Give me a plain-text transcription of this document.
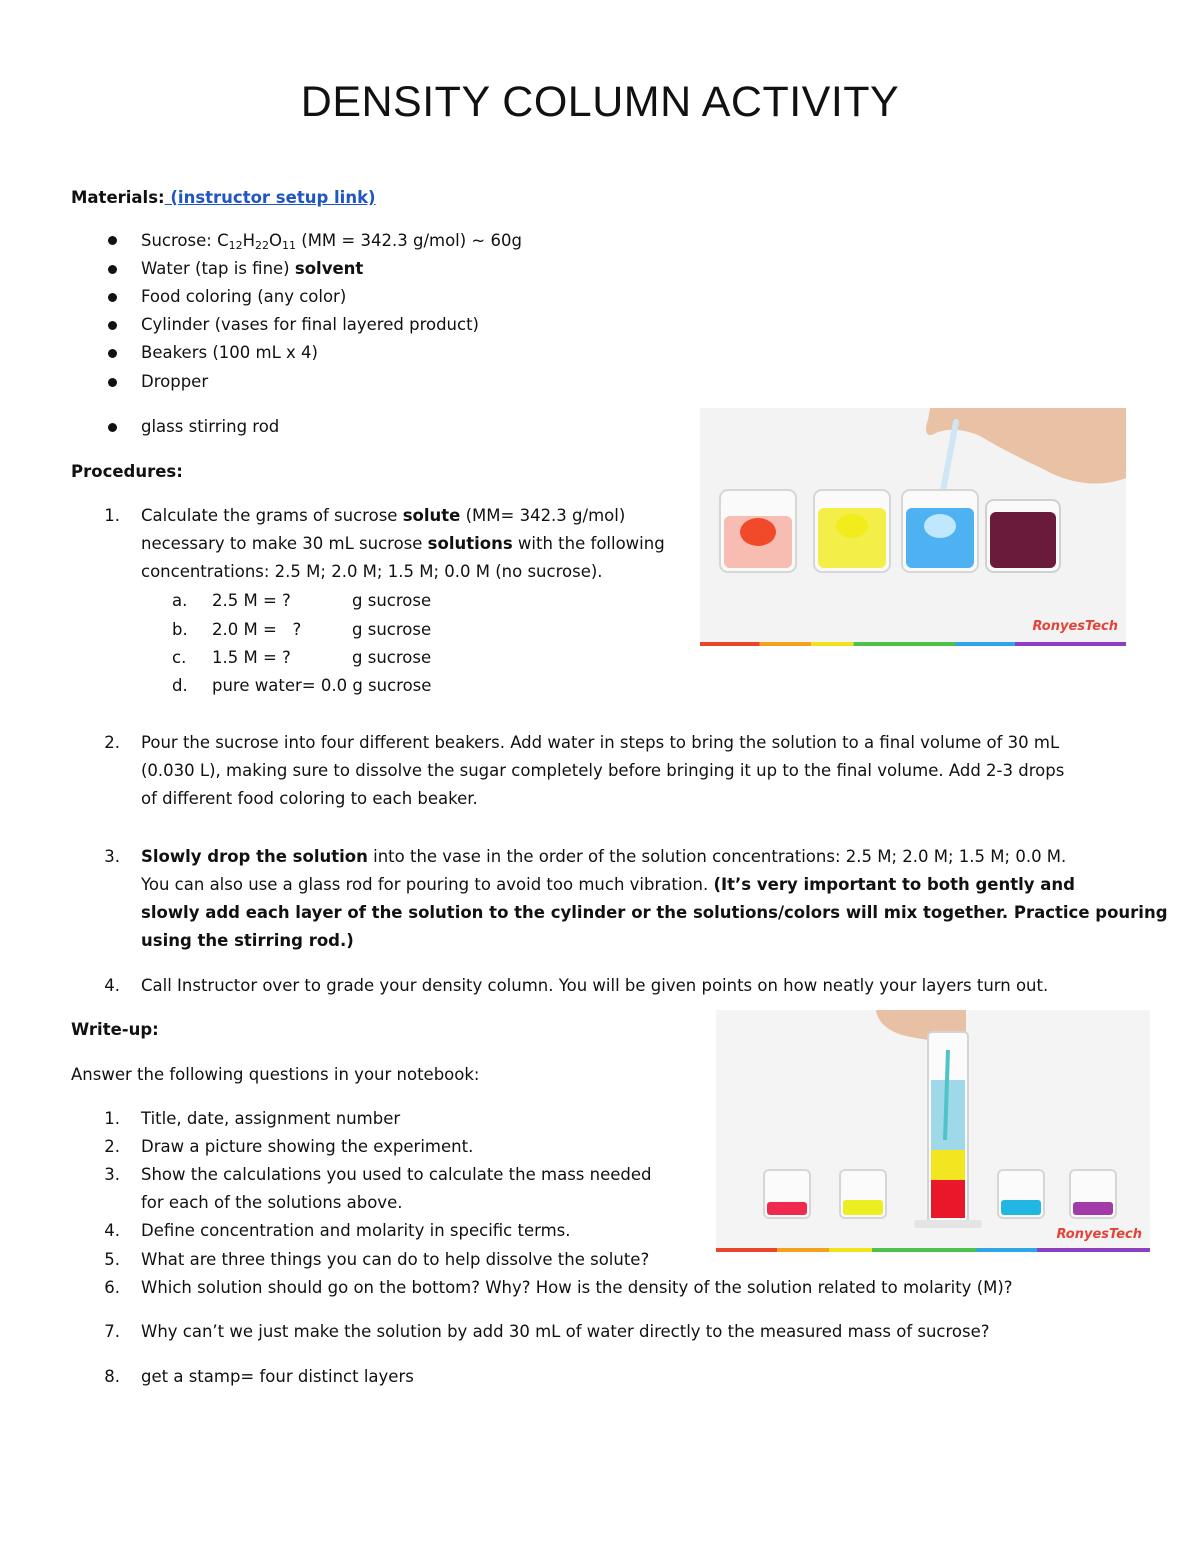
DENSITY COLUMN ACTIVITY
Materials: (instructor setup link)
Sucrose: $C_{12}H_{22}O_{11}$ (MM = 342.3 g/mol) ~ 60g
Water (tap is fine) solvent
Food coloring (any color)
Cylinder (vases for final layered product)
Beakers (100 mL x 4)
Dropper
glass stirring rod
Procedures:
1. Calculate the grams of sucrose solute (MM= 342.3 g/mol)
necessary to make 30 mL sucrose solutions with the following
concentrations: 2.5 M; 2.0 M; 1.5 M; 0.0 M (no sucrose).
a. 2.5 M = ?	g sucrose
b. 2.0 M =   ?	g sucrose
c. 1.5 M = ?	g sucrose
d. pure water= 0.0 g sucrose
2. Pour the sucrose into four different beakers. Add water in steps to bring the solution to a final volume of 30 mL
(0.030 L), making sure to dissolve the sugar completely before bringing it up to the final volume. Add 2-3 drops
of different food coloring to each beaker.
3. Slowly drop the solution into the vase in the order of the solution concentrations: 2.5 M; 2.0 M; 1.5 M; 0.0 M.
You can also use a glass rod for pouring to avoid too much vibration. (It’s very important to both gently and
slowly add each layer of the solution to the cylinder or the solutions/colors will mix together. Practice pouring
using the stirring rod.)
4. Call Instructor over to grade your density column. You will be given points on how neatly your layers turn out.
Write-up:
Answer the following questions in your notebook:
1. Title, date, assignment number
2. Draw a picture showing the experiment.
3. Show the calculations you used to calculate the mass needed
for each of the solutions above.
4. Define concentration and molarity in specific terms.
5. What are three things you can do to help dissolve the solute?
6. Which solution should go on the bottom? Why? How is the density of the solution related to molarity (M)?
7. Why can’t we just make the solution by add 30 mL of water directly to the measured mass of sucrose?
8. get a stamp= four distinct layers
RonyesTech
RonyesTech
